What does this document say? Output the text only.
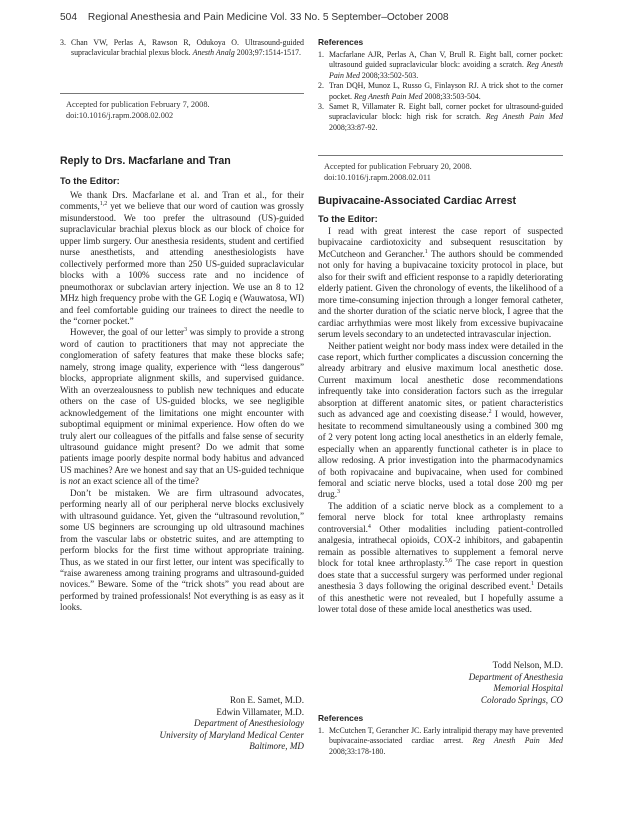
504 Regional Anesthesia and Pain Medicine Vol. 33 No. 5 September–October 2008
3. Chan VW, Perlas A, Rawson R, Odukoya O. Ultrasound-guided supraclavicular brachial plexus block. Anesth Analg 2003;97:1514-1517.
Accepted for publication February 7, 2008.
doi:10.1016/j.rapm.2008.02.002
Reply to Drs. Macfarlane and Tran
To the Editor:

We thank Drs. Macfarlane et al. and Tran et al., for their comments,$^{1,2}$ yet we believe that our word of caution was grossly misunderstood. We too prefer the ultrasound (US)-guided supraclavicular brachial plexus block as our block of choice for upper limb surgery. Our anesthesia residents, student and certified nurse anesthetists, and attending anesthesiologists have collectively performed more than 250 US-guided supraclavicular blocks with a 100% success rate and no incidence of pneumothorax or subclavian artery injection. We use an 8 to 12 MHz high frequency probe with the GE Logiq e (Wauwatosa, WI) and feel comfortable guiding our trainees to direct the needle to the “corner pocket.”

However, the goal of our letter$^3$ was simply to provide a strong word of caution to practitioners that may not appreciate the conglomeration of safety features that make these blocks safe; namely, strong image quality, experience with “less dangerous” blocks, appropriate alignment skills, and supervised guidance. With an overzealousness to publish new techniques and educate others on the case of US-guided blocks, we see negligible acknowledgement of the limitations one might encounter with suboptimal equipment or minimal experience. How often do we truly alert our colleagues of the pitfalls and false sense of security ultrasound guidance might present? Do we admit that some patients image poorly despite normal body habitus and advanced US machines? Are we honest and say that an US-guided technique is not an exact science all of the time?

Don’t be mistaken. We are firm ultrasound advocates, performing nearly all of our peripheral nerve blocks exclusively with ultrasound guidance. Yet, given the “ultrasound revolution,” some US beginners are scrounging up old ultrasound machines from the vascular labs or obstetric suites, and are attempting to perform blocks for the first time without appropriate training. Thus, as we stated in our first letter, our intent was specifically to “raise awareness among training programs and ultrasound-guided novices.” Beware. Some of the “trick shots” you read about are performed by trained professionals! Not everything is as easy as it looks.

Ron E. Samet, M.D.
Edwin Villamater, M.D.
Department of Anesthesiology
University of Maryland Medical Center
Baltimore, MD
References
1. Macfarlane AJR, Perlas A, Chan V, Brull R. Eight ball, corner pocket: ultrasound guided supraclavicular block: avoiding a scratch. Reg Anesth Pain Med 2008;33:502-503.
2. Tran DQH, Munoz L, Russo G, Finlayson RJ. A trick shot to the corner pocket. Reg Anesth Pain Med 2008;33:503-504.
3. Samet R, Villamater R. Eight ball, corner pocket for ultrasound-guided supraclavicular block: high risk for scratch. Reg Anesth Pain Med 2008;33:87-92.
Accepted for publication February 20, 2008.
doi:10.1016/j.rapm.2008.02.011
Bupivacaine-Associated Cardiac Arrest
To the Editor:

I read with great interest the case report of suspected bupivacaine cardiotoxicity and subsequent resuscitation by McCutcheon and Gerancher.$^1$ The authors should be commended not only for having a bupivacaine toxicity protocol in place, but also for their swift and efficient response to a rapidly deteriorating elderly patient. Given the chronology of events, the likelihood of a more time-consuming injection through a longer femoral catheter, and the shorter duration of the sciatic nerve block, I agree that the cardiac arrhythmias were most likely from excessive bupivacaine serum levels secondary to an undetected intravascular injection.

Neither patient weight nor body mass index were detailed in the case report, which further complicates a discussion concerning the already arbitrary and elusive maximum local anesthetic dose. Current maximum local anesthetic dose recommendations infrequently take into consideration factors such as the irregular absorption at different anatomic sites, or patient characteristics such as advanced age and coexisting disease.$^2$ I would, however, hesitate to recommend simultaneously using a combined 300 mg of 2 very potent long acting local anesthetics in an elderly female, especially when an apparently functional catheter is in place to allow redosing. A prior investigation into the pharmacodynamics of both ropivacaine and bupivacaine, when used for combined femoral and sciatic nerve blocks, used a total dose 200 mg per drug.$^3$

The addition of a sciatic nerve block as a complement to a femoral nerve block for total knee arthroplasty remains controversial.$^4$ Other modalities including patient-controlled analgesia, intrathecal opioids, COX-2 inhibitors, and gabapentin remain as possible alternatives to supplement a femoral nerve block for total knee arthroplasty.$^{5,6}$ The case report in question does state that a successful surgery was performed under regional anesthesia 3 days following the original described event.$^1$ Details of this anesthetic were not revealed, but I hopefully assume a lower total dose of these amide local anesthetics was used.

Todd Nelson, M.D.
Department of Anesthesia
Memorial Hospital
Colorado Springs, CO
References
1. McCutchen T, Gerancher JC. Early intralipid therapy may have prevented bupivacaine-associated cardiac arrest. Reg Anesth Pain Med 2008;33:178-180.
